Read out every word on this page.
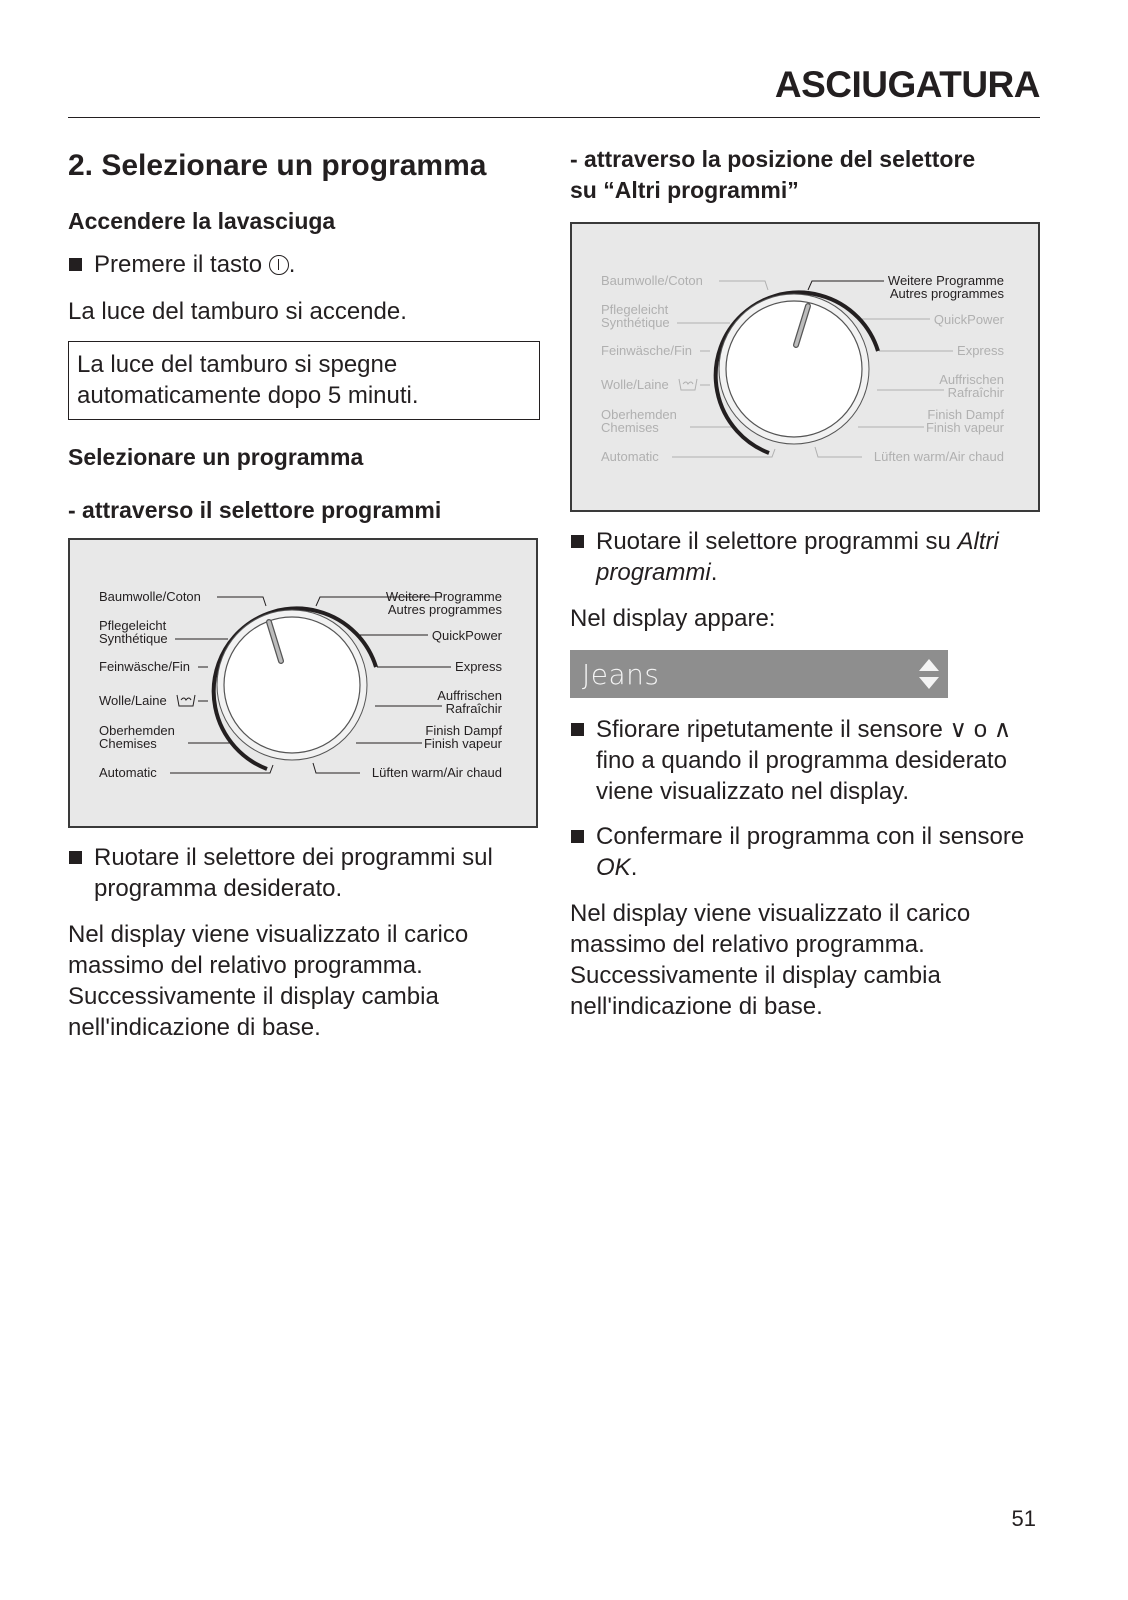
ASCIUGATURA
2. Selezionare un programma
Accendere la lavasciuga
Premere il tasto
.

La luce del tamburo si accende.

La luce del tamburo si spegne automaticamente dopo 5 minuti.
Selezionare un programma
- attraverso il selettore programmi
Baumwolle/Coton
Pflegeleicht
Synthétique
Feinwäsche/Fin
Wolle/Laine
Oberhemden
Chemises
Automatic
Weitere Programme
Autres programmes
QuickPower
Express
Auffrischen
Rafraîchir
Finish Dampf
Finish vapeur
Lüften warm/Air chaud
Ruotare il selettore dei programmi sul programma desiderato.

Nel display viene visualizzato il carico massimo del relativo programma. Successivamente il display cambia nell'indicazione di base.

- attraverso la posizione del selettore
su “Altri programmi”
Baumwolle/Coton
Pflegeleicht
Synthétique
Feinwäsche/Fin
Wolle/Laine
Oberhemden
Chemises
Automatic
QuickPower
Express
Auffrischen
Rafraîchir
Finish Dampf
Finish vapeur
Lüften warm/Air chaud
Weitere Programme
Autres programmes
Ruotare il selettore programmi su Altri programmi.

Nel display appare:

Jeans
Sfiorare ripetutamente il sensore ∨ o ∧ fino a quando il programma desiderato viene visualizzato nel display.
Confermare il programma con il sensore OK.

Nel display viene visualizzato il carico massimo del relativo programma. Successivamente il display cambia nell'indicazione di base.

51
